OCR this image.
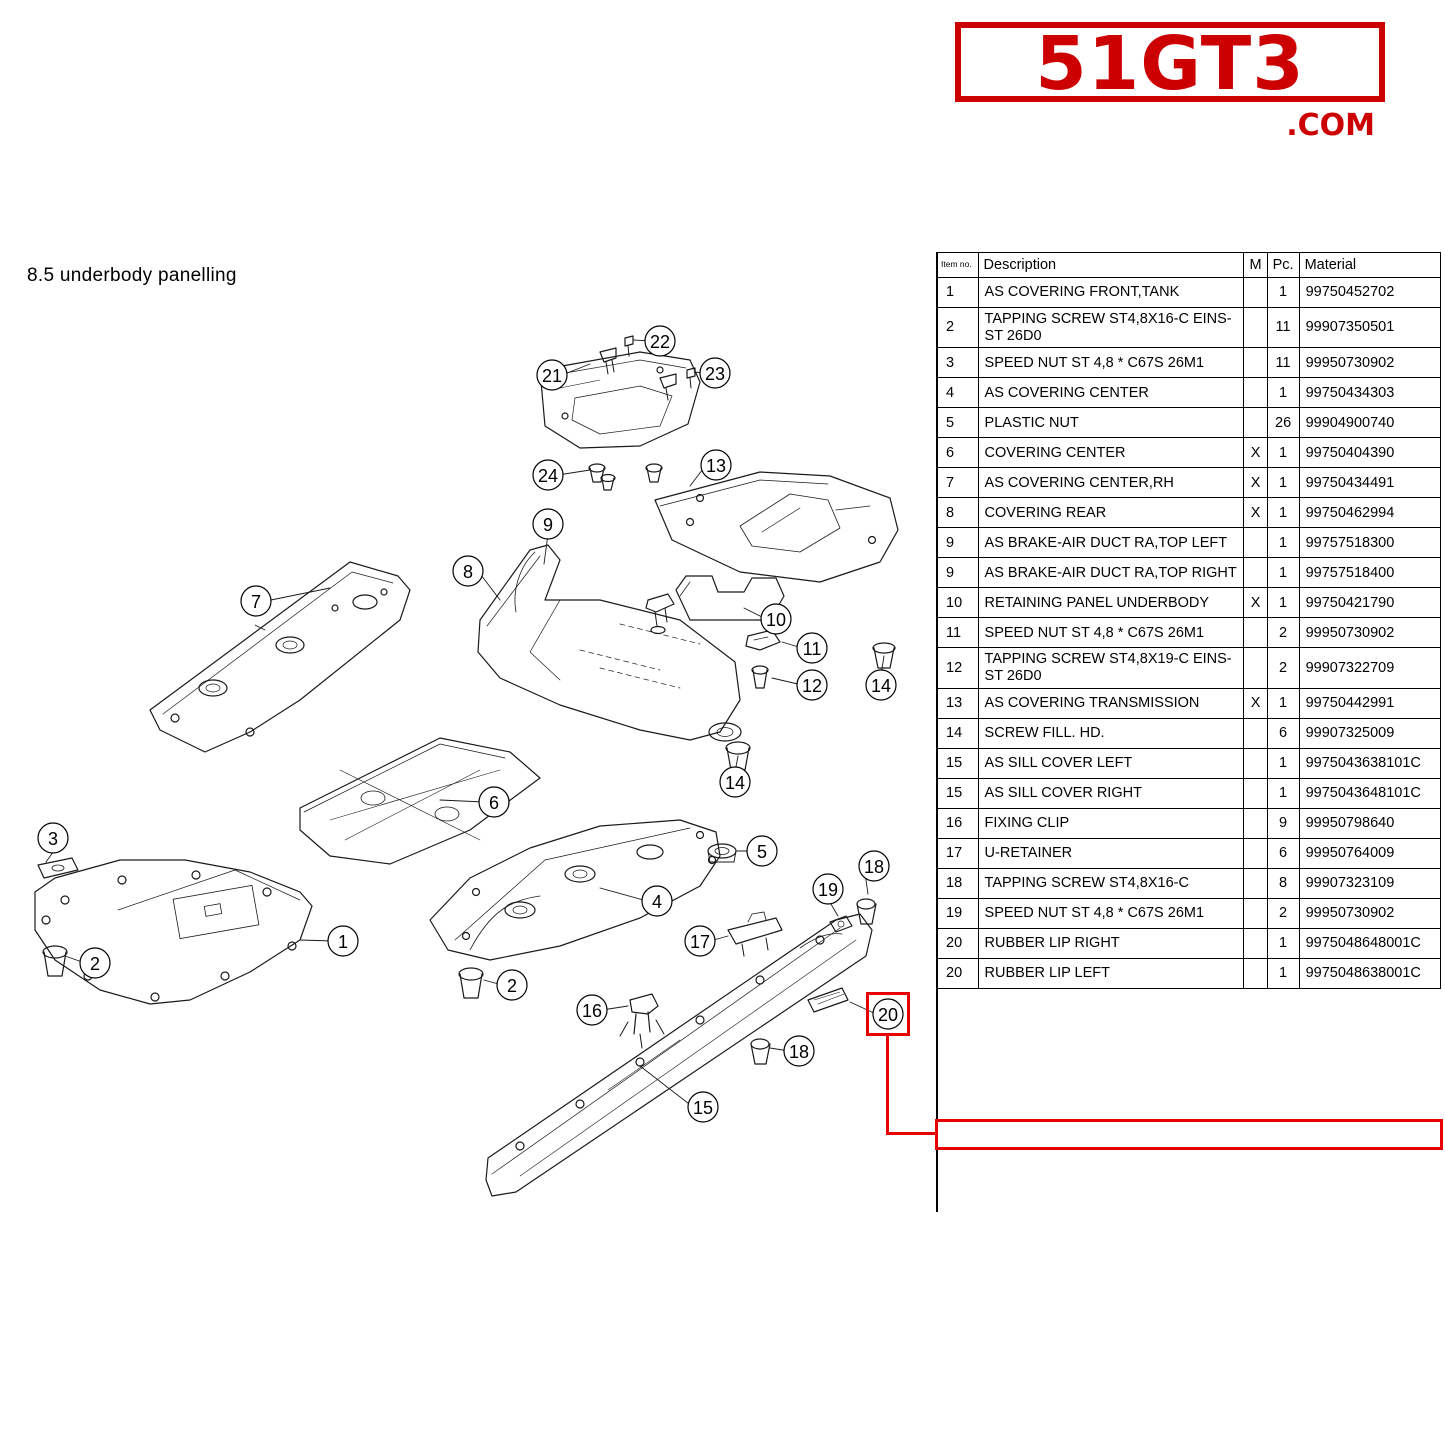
51GT3
.COM
8.5 underbody panelling
7
3
2
1
2
6
4
5
8
9
13
10
11
12	14
14
21
22
23
24
17
16
18
19
18
15
20
Item no.	Description	M	Pc.	Material
1	AS COVERING FRONT,TANK		1	99750452702
2	TAPPING SCREW ST4,8X16-C EINS-ST 26D0		11	99907350501
3	SPEED NUT ST 4,8 * C67S 26M1		11	99950730902
4	AS COVERING CENTER		1	99750434303
5	PLASTIC NUT		26	99904900740
6	COVERING CENTER	X	1	99750404390
7	AS COVERING CENTER,RH	X	1	99750434491
8	COVERING REAR	X	1	99750462994
9	AS BRAKE-AIR DUCT RA,TOP LEFT		1	99757518300
9	AS BRAKE-AIR DUCT RA,TOP RIGHT		1	99757518400
10	RETAINING PANEL UNDERBODY	X	1	99750421790
11	SPEED NUT ST 4,8 * C67S 26M1		2	99950730902
12	TAPPING SCREW ST4,8X19-C EINS-ST 26D0		2	99907322709
13	AS COVERING TRANSMISSION	X	1	99750442991
14	SCREW FILL. HD.		6	99907325009
15	AS SILL COVER LEFT		1	9975043638101C
15	AS SILL COVER RIGHT		1	9975043648101C
16	FIXING CLIP		9	99950798640
17	U-RETAINER		6	99950764009
18	TAPPING SCREW ST4,8X16-C		8	99907323109
19	SPEED NUT ST 4,8 * C67S 26M1		2	99950730902
20	RUBBER LIP RIGHT		1	9975048648001C
20	RUBBER LIP LEFT		1	9975048638001C
